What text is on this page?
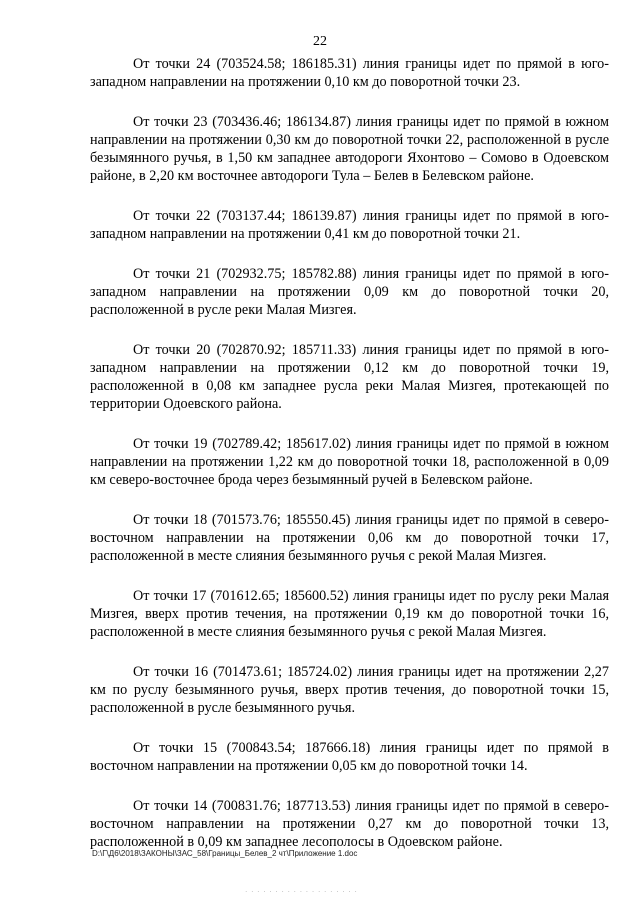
22

От точки 24 (703524.58; 186185.31) линия границы идет по прямой в юго-западном направлении на протяжении 0,10 км до поворотной точки 23.

От точки 23 (703436.46; 186134.87) линия границы идет по прямой в южном направлении на протяжении 0,30 км до поворотной точки 22, расположенной в русле безымянного ручья, в 1,50 км западнее автодороги Яхонтово – Сомово в Одоевском районе, в 2,20 км восточнее автодороги Тула – Белев в Белевском районе.

От точки 22 (703137.44; 186139.87) линия границы идет по прямой в юго-западном направлении на протяжении 0,41 км до поворотной точки 21.

От точки 21 (702932.75; 185782.88) линия границы идет по прямой в юго-западном направлении на протяжении 0,09 км до поворотной точки 20, расположенной в русле реки Малая Мизгея.

От точки 20 (702870.92; 185711.33) линия границы идет по прямой в юго-западном направлении на протяжении 0,12 км до поворотной точки 19, расположенной в 0,08 км западнее русла реки Малая Мизгея, протекающей по территории Одоевского района.

От точки 19 (702789.42; 185617.02) линия границы идет по прямой в южном направлении на протяжении 1,22 км до поворотной точки 18, расположенной в 0,09 км северо-восточнее брода через безымянный ручей в Белевском районе.

От точки 18 (701573.76; 185550.45) линия границы идет по прямой в северо-восточном направлении на протяжении 0,06 км до поворотной точки 17, расположенной в месте слияния безымянного ручья с рекой Малая Мизгея.

От точки 17 (701612.65; 185600.52) линия границы идет по руслу реки Малая Мизгея, вверх против течения, на протяжении 0,19 км до поворотной точки 16, расположенной в месте слияния безымянного ручья с рекой Малая Мизгея.

От точки 16 (701473.61; 185724.02) линия границы идет на протяжении 2,27 км по руслу безымянного ручья, вверх против течения, до поворотной точки 15, расположенной в русле безымянного ручья.

От точки 15 (700843.54; 187666.18) линия границы идет по прямой в восточном направлении на протяжении 0,05 км до поворотной точки 14.

От точки 14 (700831.76; 187713.53) линия границы идет по прямой в северо-восточном направлении на протяжении 0,27 км до поворотной точки 13, расположенной в 0,09 км западнее лесополосы в Одоевском районе.

D:\Г\Д6\2018\ЗАКОНЫ\ЗАС_58\Границы_Белев_2 чт\Приложение 1.doc
· · · · · · · · · · · · · · · · · · ·
